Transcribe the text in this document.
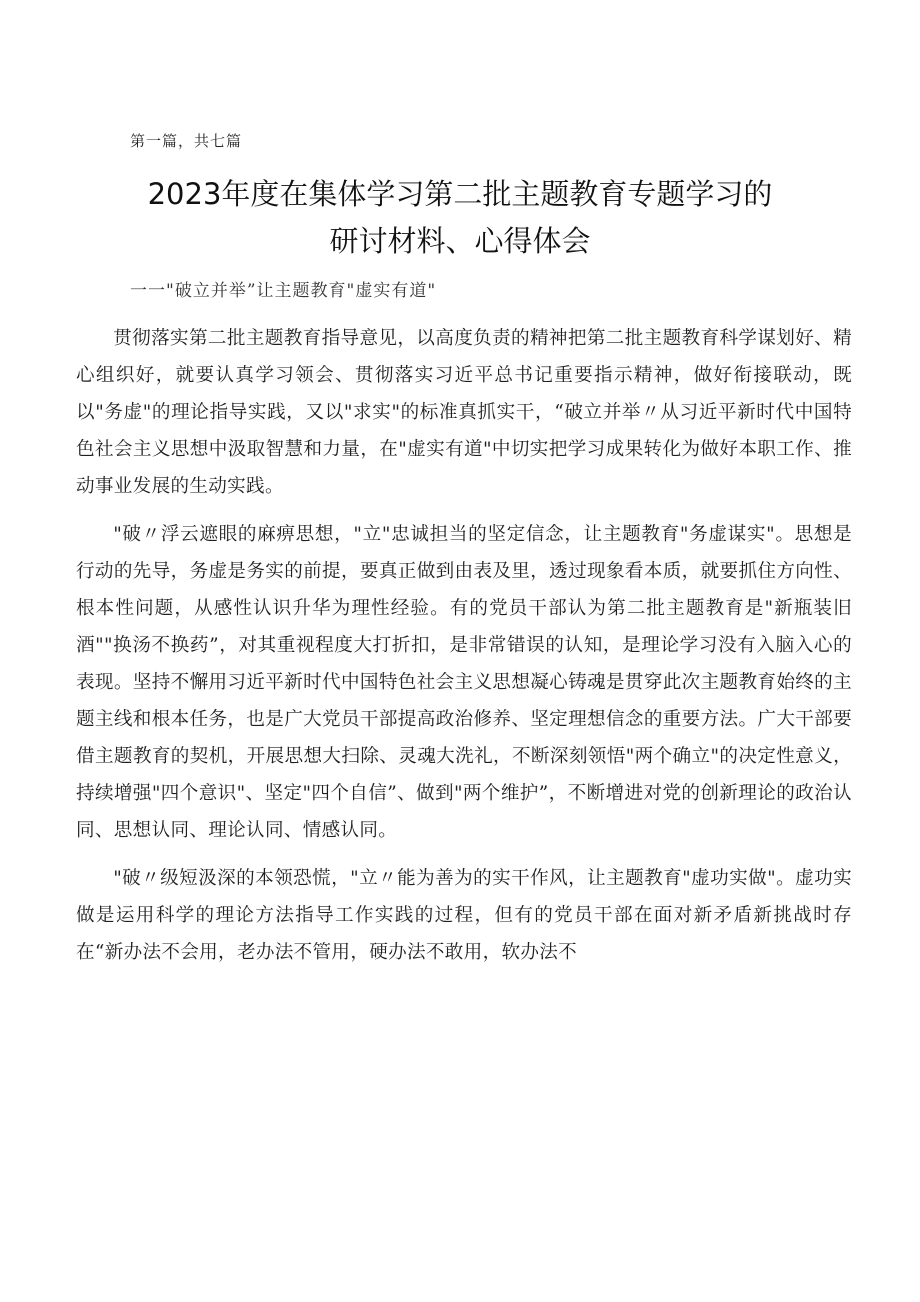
第一篇，共七篇
2023年度在集体学习第二批主题教育专题学习的
研讨材料、心得体会
一一"破立并举”让主题教育"虚实有道"

贯彻落实第二批主题教育指导意见，以高度负责的精神把第二批主题教育科学谋划好、精心组织好，就要认真学习领会、贯彻落实习近平总书记重要指示精神，做好衔接联动，既以"务虚"的理论指导实践，又以"求实"的标准真抓实干，“破立并举〃从习近平新时代中国特色社会主义思想中汲取智慧和力量，在"虚实有道"中切实把学习成果转化为做好本职工作、推动事业发展的生动实践。

"破〃浮云遮眼的麻痹思想，"立"忠诚担当的坚定信念，让主题教育"务虚谋实"。思想是行动的先导，务虚是务实的前提，要真正做到由表及里，透过现象看本质，就要抓住方向性、根本性问题，从感性认识升华为理性经验。有的党员干部认为第二批主题教育是"新瓶装旧酒""换汤不换药”，对其重视程度大打折扣，是非常错误的认知，是理论学习没有入脑入心的表现。坚持不懈用习近平新时代中国特色社会主义思想凝心铸魂是贯穿此次主题教育始终的主题主线和根本任务，也是广大党员干部提高政治修养、坚定理想信念的重要方法。广大干部要借主题教育的契机，开展思想大扫除、灵魂大洗礼，不断深刻领悟"两个确立"的决定性意义，持续增强"四个意识"、坚定"四个自信”、做到"两个维护”，不断增进对党的创新理论的政治认同、思想认同、理论认同、情感认同。

"破〃级短汲深的本领恐慌，"立〃能为善为的实干作风，让主题教育"虚功实做"。虚功实做是运用科学的理论方法指导工作实践的过程，但有的党员干部在面对新矛盾新挑战时存在“新办法不会用，老办法不管用，硬办法不敢用，软办法不
